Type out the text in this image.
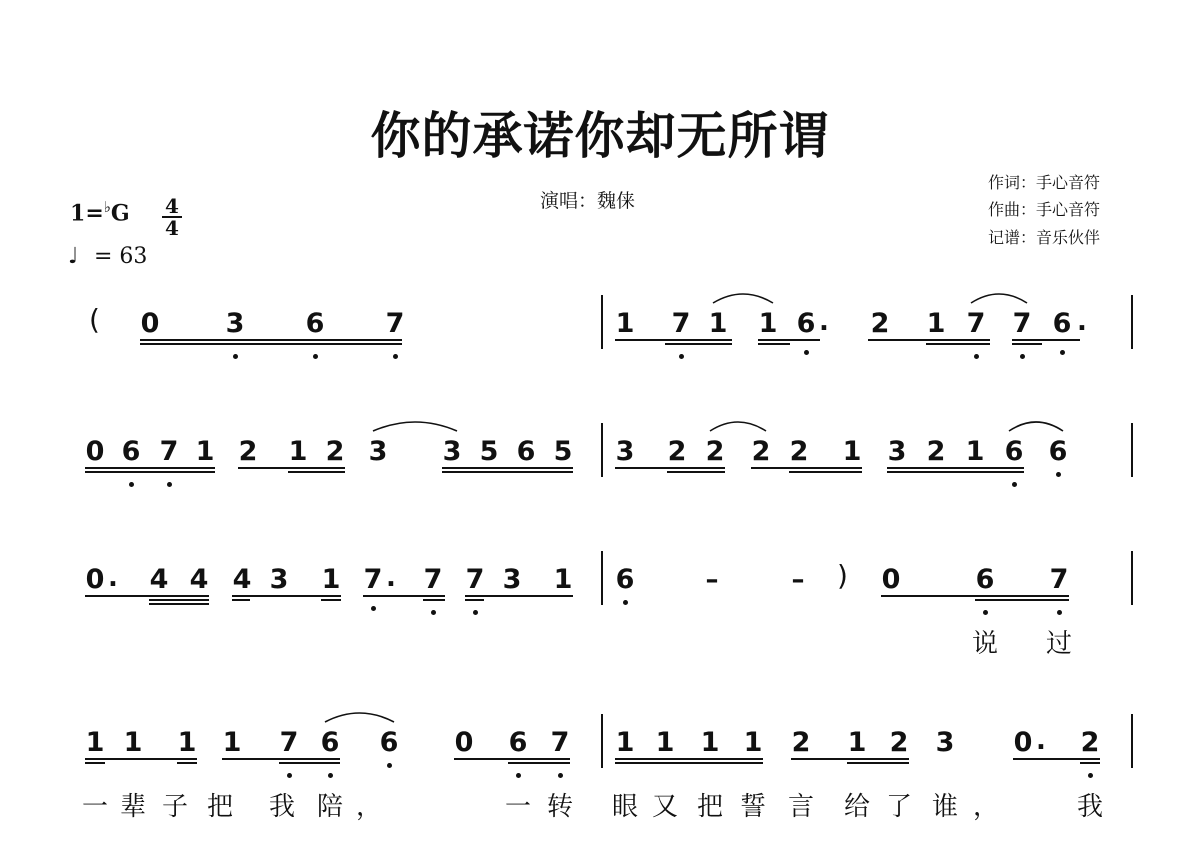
你的承诺你却无所谓
演唱：魏俫
作词：手心音符
作曲：手心音符
记谱：音乐伙伴
1=♭G 4
4
♩ = 63
( 0 3 6 7	1 7 1 1 6 2 1 7 7 6
.	.
0 6 7 1 2 1 2 3 3 5 6 5 3 2 2 2 2 1 3 2 1 6 6
)
0 4 4 4 3 1 7 7 7 3 1 6	0	6 7
.	.	–	–
说 过
1 1 1 1 7 6 6 0 6 7 1 1 1 1 2 1 2 3 0 2
.
一 辈 子 把 我 陪 ，	一 转 眼 又 把 誓 言 给 了 谁 ，	我
